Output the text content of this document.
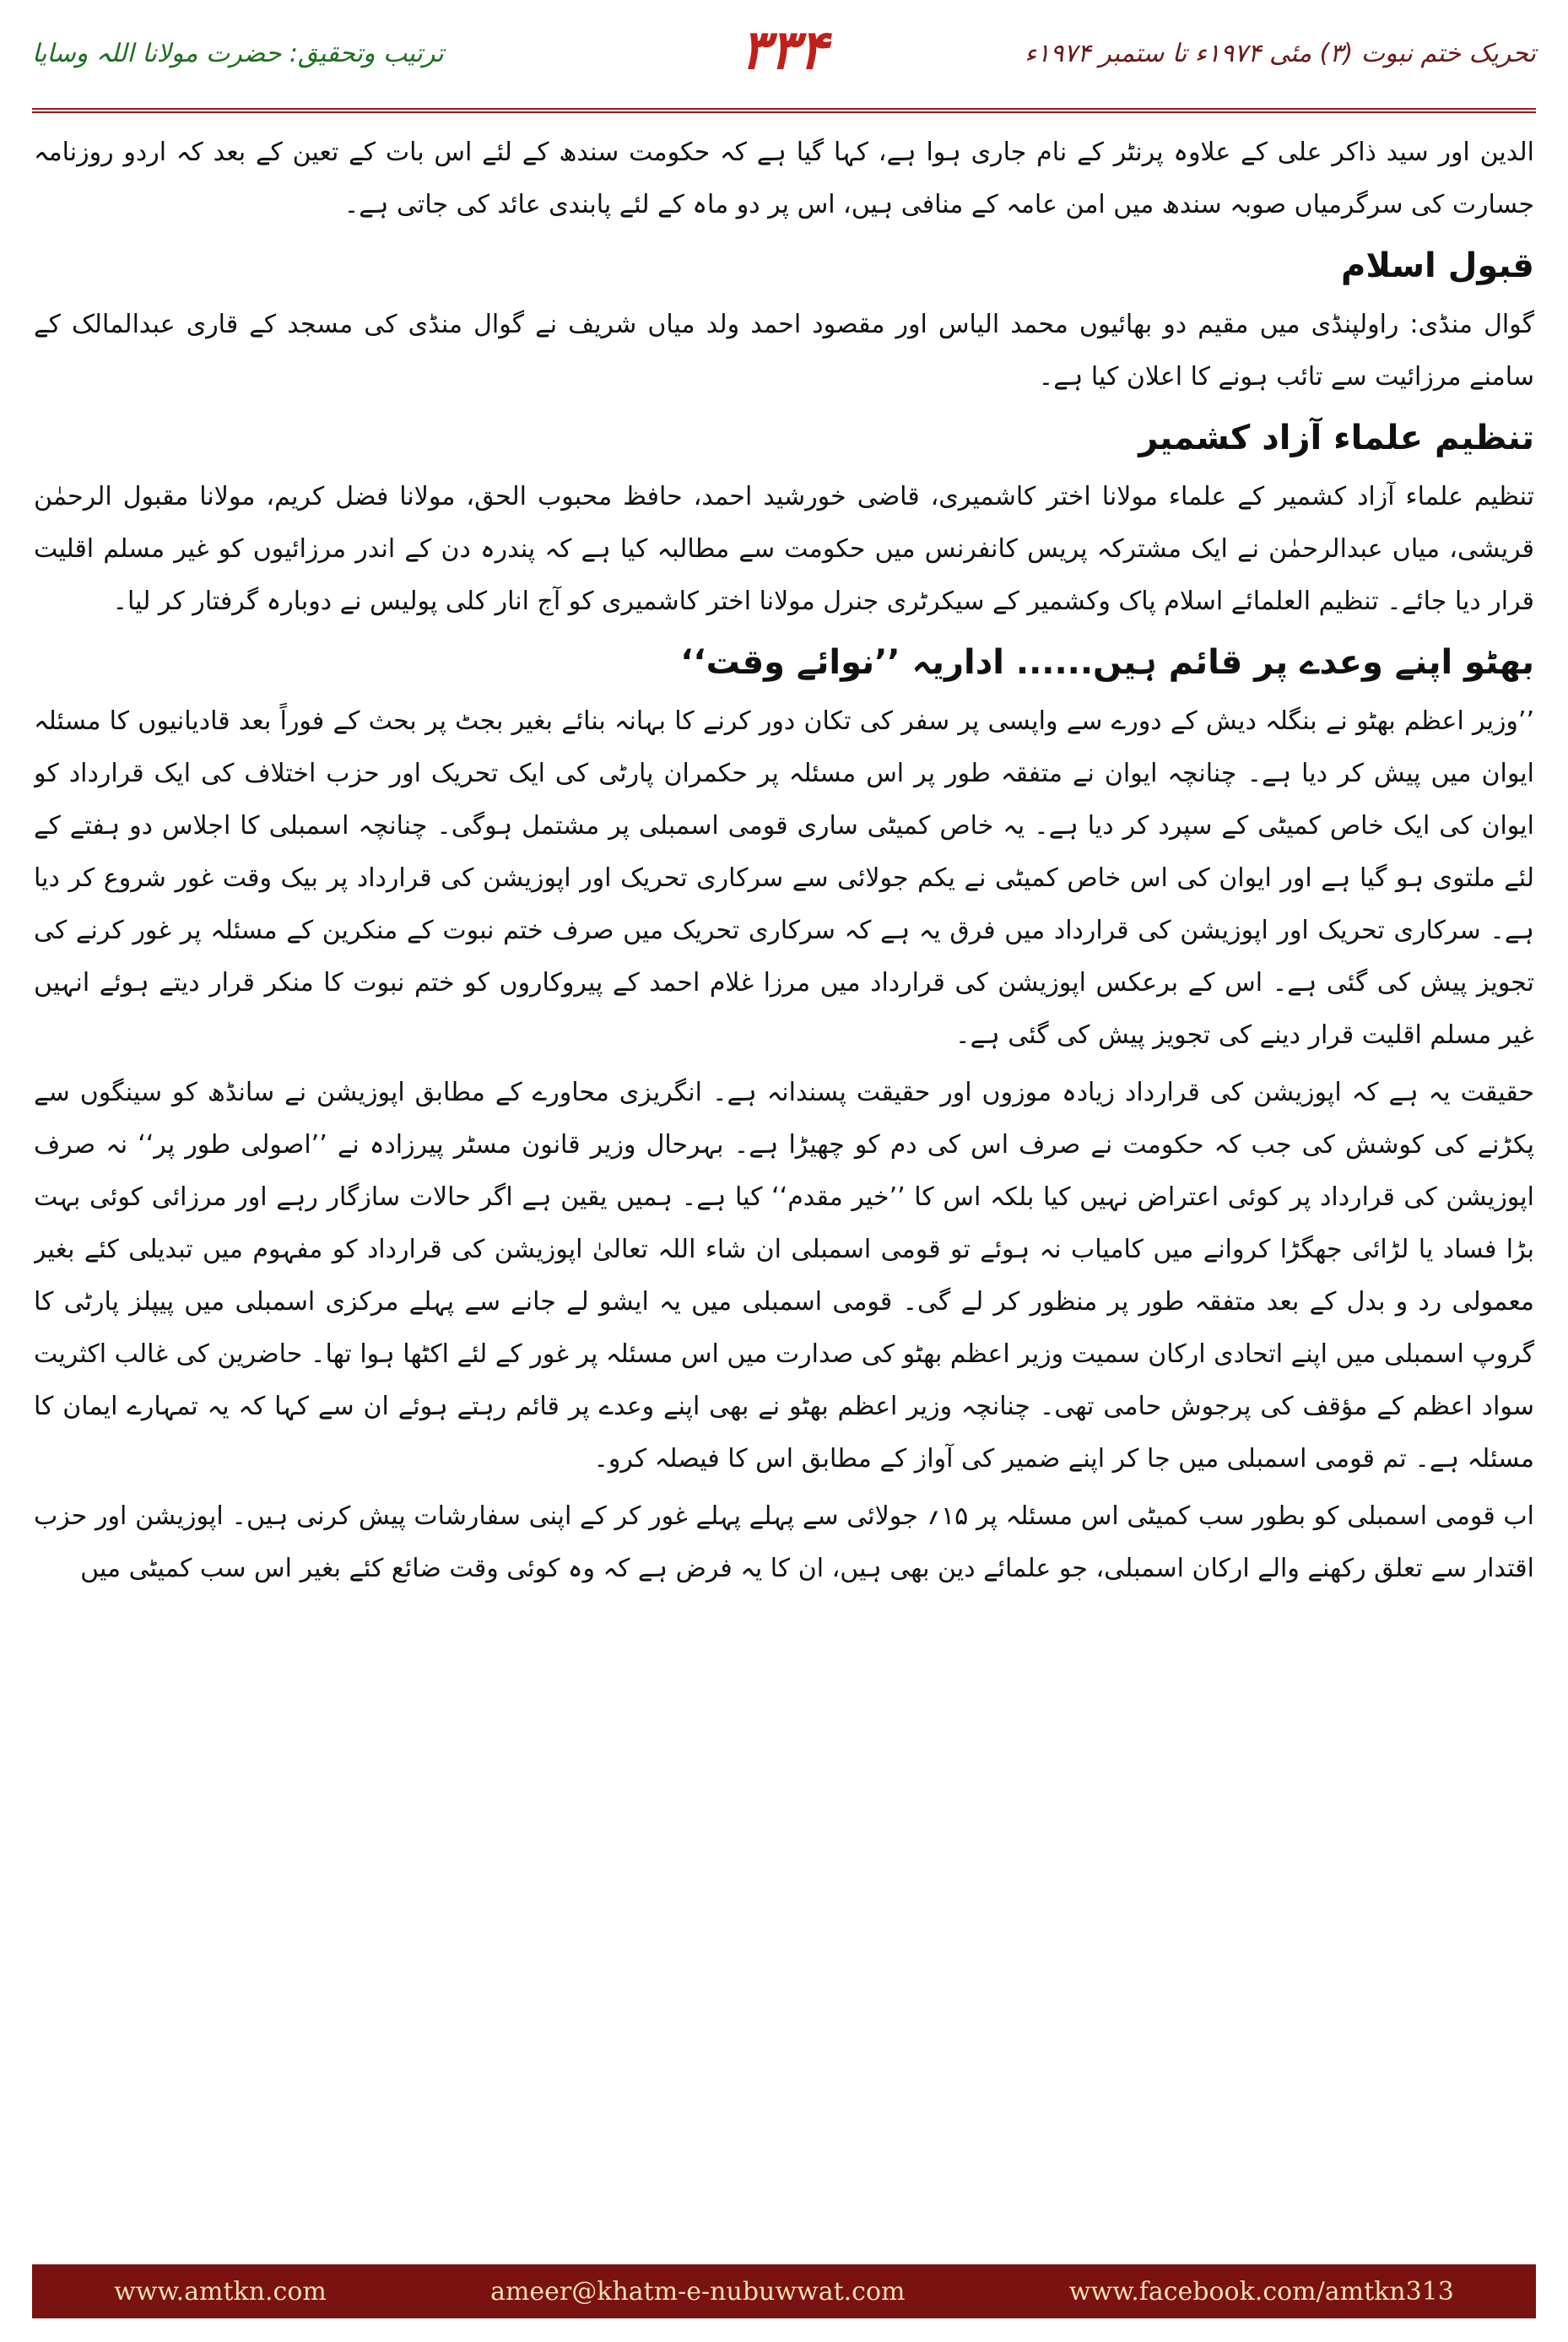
تحریک ختم نبوت (۳) مئی ۱۹۷۴ء تا ستمبر ۱۹۷۴ء
۳۳۴
ترتیب وتحقیق: حضرت مولانا اللہ وسایا

الدین اور سید ذاکر علی کے علاوہ پرنٹر کے نام جاری ہوا ہے، کہا گیا ہے کہ حکومت سندھ کے لئے اس بات کے تعین کے بعد کہ اردو روزنامہ جسارت کی سرگرمیاں صوبہ سندھ میں امن عامہ کے منافی ہیں، اس پر دو ماہ کے لئے پابندی عائد کی جاتی ہے۔

قبول اسلام

گوال منڈی: راولپنڈی میں مقیم دو بھائیوں محمد الیاس اور مقصود احمد ولد میاں شریف نے گوال منڈی کی مسجد کے قاری عبدالمالک کے سامنے مرزائیت سے تائب ہونے کا اعلان کیا ہے۔

تنظیم علماء آزاد کشمیر

تنظیم علماء آزاد کشمیر کے علماء مولانا اختر کاشمیری، قاضی خورشید احمد، حافظ محبوب الحق، مولانا فضل کریم، مولانا مقبول الرحمٰن قریشی، میاں عبدالرحمٰن نے ایک مشترکہ پریس کانفرنس میں حکومت سے مطالبہ کیا ہے کہ پندرہ دن کے اندر مرزائیوں کو غیر مسلم اقلیت قرار دیا جائے۔ تنظیم العلمائے اسلام پاک وکشمیر کے سیکرٹری جنرل مولانا اختر کاشمیری کو آج انار کلی پولیس نے دوبارہ گرفتار کر لیا۔

بھٹو اپنے وعدے پر قائم ہیں...... اداریہ ’’نوائے وقت‘‘

’’وزیر اعظم بھٹو نے بنگلہ دیش کے دورے سے واپسی پر سفر کی تکان دور کرنے کا بہانہ بنائے بغیر بجٹ پر بحث کے فوراً بعد قادیانیوں کا مسئلہ ایوان میں پیش کر دیا ہے۔ چنانچہ ایوان نے متفقہ طور پر اس مسئلہ پر حکمران پارٹی کی ایک تحریک اور حزب اختلاف کی ایک قرارداد کو ایوان کی ایک خاص کمیٹی کے سپرد کر دیا ہے۔ یہ خاص کمیٹی ساری قومی اسمبلی پر مشتمل ہوگی۔ چنانچہ اسمبلی کا اجلاس دو ہفتے کے لئے ملتوی ہو گیا ہے اور ایوان کی اس خاص کمیٹی نے یکم جولائی سے سرکاری تحریک اور اپوزیشن کی قرارداد پر بیک وقت غور شروع کر دیا ہے۔ سرکاری تحریک اور اپوزیشن کی قرارداد میں فرق یہ ہے کہ سرکاری تحریک میں صرف ختم نبوت کے منکرین کے مسئلہ پر غور کرنے کی تجویز پیش کی گئی ہے۔ اس کے برعکس اپوزیشن کی قرارداد میں مرزا غلام احمد کے پیروکاروں کو ختم نبوت کا منکر قرار دیتے ہوئے انہیں غیر مسلم اقلیت قرار دینے کی تجویز پیش کی گئی ہے۔

حقیقت یہ ہے کہ اپوزیشن کی قرارداد زیادہ موزوں اور حقیقت پسندانہ ہے۔ انگریزی محاورے کے مطابق اپوزیشن نے سانڈھ کو سینگوں سے پکڑنے کی کوشش کی جب کہ حکومت نے صرف اس کی دم کو چھیڑا ہے۔ بہرحال وزیر قانون مسٹر پیرزادہ نے ’’اصولی طور پر‘‘ نہ صرف اپوزیشن کی قرارداد پر کوئی اعتراض نہیں کیا بلکہ اس کا ’’خیر مقدم‘‘ کیا ہے۔ ہمیں یقین ہے اگر حالات سازگار رہے اور مرزائی کوئی بہت بڑا فساد یا لڑائی جھگڑا کروانے میں کامیاب نہ ہوئے تو قومی اسمبلی ان شاء اللہ تعالیٰ اپوزیشن کی قرارداد کو مفہوم میں تبدیلی کئے بغیر معمولی رد و بدل کے بعد متفقہ طور پر منظور کر لے گی۔ قومی اسمبلی میں یہ ایشو لے جانے سے پہلے مرکزی اسمبلی میں پیپلز پارٹی کا گروپ اسمبلی میں اپنے اتحادی ارکان سمیت وزیر اعظم بھٹو کی صدارت میں اس مسئلہ پر غور کے لئے اکٹھا ہوا تھا۔ حاضرین کی غالب اکثریت سواد اعظم کے مؤقف کی پرجوش حامی تھی۔ چنانچہ وزیر اعظم بھٹو نے بھی اپنے وعدے پر قائم رہتے ہوئے ان سے کہا کہ یہ تمہارے ایمان کا مسئلہ ہے۔ تم قومی اسمبلی میں جا کر اپنے ضمیر کی آواز کے مطابق اس کا فیصلہ کرو۔

اب قومی اسمبلی کو بطور سب کمیٹی اس مسئلہ پر ۱۵؍ جولائی سے پہلے پہلے غور کر کے اپنی سفارشات پیش کرنی ہیں۔ اپوزیشن اور حزب اقتدار سے تعلق رکھنے والے ارکان اسمبلی، جو علمائے دین بھی ہیں، ان کا یہ فرض ہے کہ وہ کوئی وقت ضائع کئے بغیر اس سب کمیٹی میں

www.amtkn.com	ameer@khatm-e-nubuwwat.com	www.facebook.com/amtkn313
